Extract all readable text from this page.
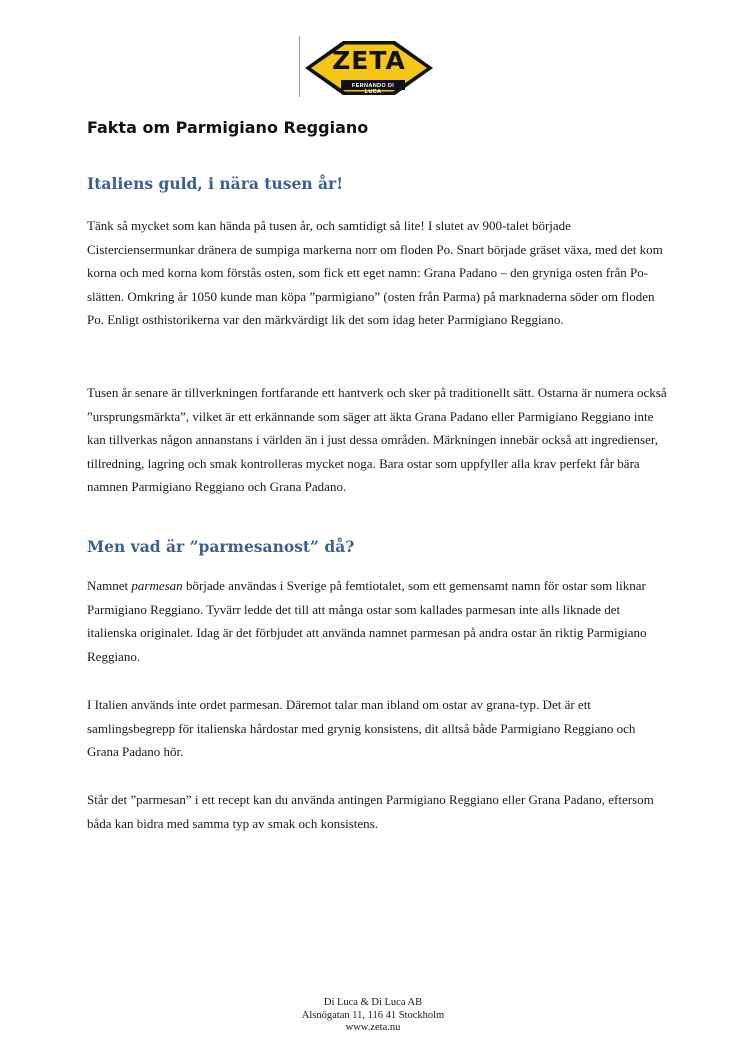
ZETA
FERNANDO DI LUCA
Fakta om Parmigiano Reggiano
Italiens guld, i nära tusen år!

Tänk så mycket som kan hända på tusen år, och samtidigt så lite! I slutet av 900-talet började Cisterciensermunkar dränera de sumpiga markerna norr om floden Po. Snart började gräset växa, med det kom korna och med korna kom förstås osten, som fick ett eget namn: Grana Padano – den gryniga osten från Po-slätten. Omkring år 1050 kunde man köpa ”parmigiano” (osten från Parma) på marknaderna söder om floden Po. Enligt osthistorikerna var den märkvärdigt lik det som idag heter Parmigiano Reggiano.

Tusen år senare är tillverkningen fortfarande ett hantverk och sker på traditionellt sätt. Ostarna är numera också ”ursprungsmärkta”, vilket är ett erkännande som säger att äkta Grana Padano eller Parmigiano Reggiano inte kan tillverkas någon annanstans i världen än i just dessa områden. Märkningen innebär också att ingredienser, tillredning, lagring och smak kontrolleras mycket noga. Bara ostar som uppfyller alla krav perfekt får bära namnen Parmigiano Reggiano och Grana Padano.

Men vad är ”parmesanost” då?

Namnet parmesan började användas i Sverige på femtiotalet, som ett gemensamt namn för ostar som liknar Parmigiano Reggiano. Tyvärr ledde det till att många ostar som kallades parmesan inte alls liknade det italienska originalet. Idag är det förbjudet att använda namnet parmesan på andra ostar än riktig Parmigiano Reggiano.

I Italien används inte ordet parmesan. Däremot talar man ibland om ostar av grana-typ. Det är ett samlingsbegrepp för italienska hårdostar med grynig konsistens, dit alltså både Parmigiano Reggiano och Grana Padano hör.

Står det ”parmesan” i ett recept kan du använda antingen Parmigiano Reggiano eller Grana Padano, eftersom båda kan bidra med samma typ av smak och konsistens.

Di Luca & Di Luca AB
Alsnögatan 11, 116 41 Stockholm
www.zeta.nu
